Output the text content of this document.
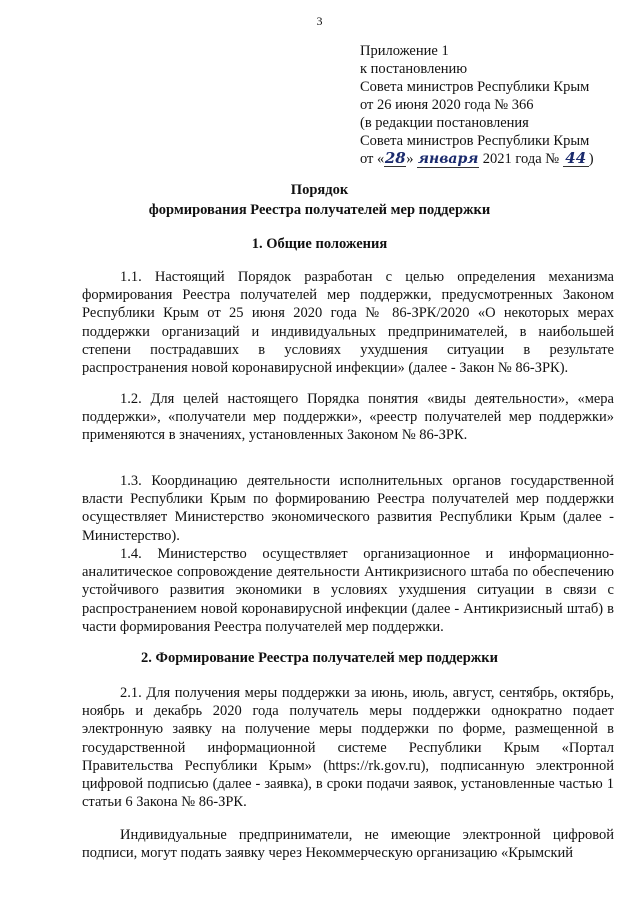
3
Приложение 1
к постановлению
Совета министров Республики Крым
от 26 июня 2020 года № 366
(в редакции постановления
Совета министров Республики Крым
от «28» января 2021 года № 44 )
Порядок
формирования Реестра получателей мер поддержки
1. Общие положения

1.1. Настоящий Порядок разработан с целью определения механизма формирования Реестра получателей мер поддержки, предусмотренных Законом Республики Крым от 25 июня 2020 года № 86-ЗРК/2020 «О некоторых мерах поддержки организаций и индивидуальных предпринимателей, в наибольшей степени пострадавших в условиях ухудшения ситуации в результате распространения новой коронавирусной инфекции» (далее - Закон № 86-ЗРК).

1.2. Для целей настоящего Порядка понятия «виды деятельности», «мера поддержки», «получатели мер поддержки», «реестр получателей мер поддержки» применяются в значениях, установленных Законом № 86-ЗРК.

1.3. Координацию деятельности исполнительных органов государственной власти Республики Крым по формированию Реестра получателей мер поддержки осуществляет Министерство экономического развития Республики Крым (далее - Министерство).

1.4. Министерство осуществляет организационное и информационно-аналитическое сопровождение деятельности Антикризисного штаба по обеспечению устойчивого развития экономики в условиях ухудшения ситуации в связи с распространением новой коронавирусной инфекции (далее - Антикризисный штаб) в части формирования Реестра получателей мер поддержки.

2. Формирование Реестра получателей мер поддержки

2.1. Для получения меры поддержки за июнь, июль, август, сентябрь, октябрь, ноябрь и декабрь 2020 года получатель меры поддержки однократно подает электронную заявку на получение меры поддержки по форме, размещенной в государственной информационной системе Республики Крым «Портал Правительства Республики Крым» (https://rk.gov.ru), подписанную электронной цифровой подписью (далее - заявка), в сроки подачи заявок, установленные частью 1 статьи 6 Закона № 86-ЗРК.

Индивидуальные предприниматели, не имеющие электронной цифровой подписи, могут подать заявку через Некоммерческую организацию «Крымский
